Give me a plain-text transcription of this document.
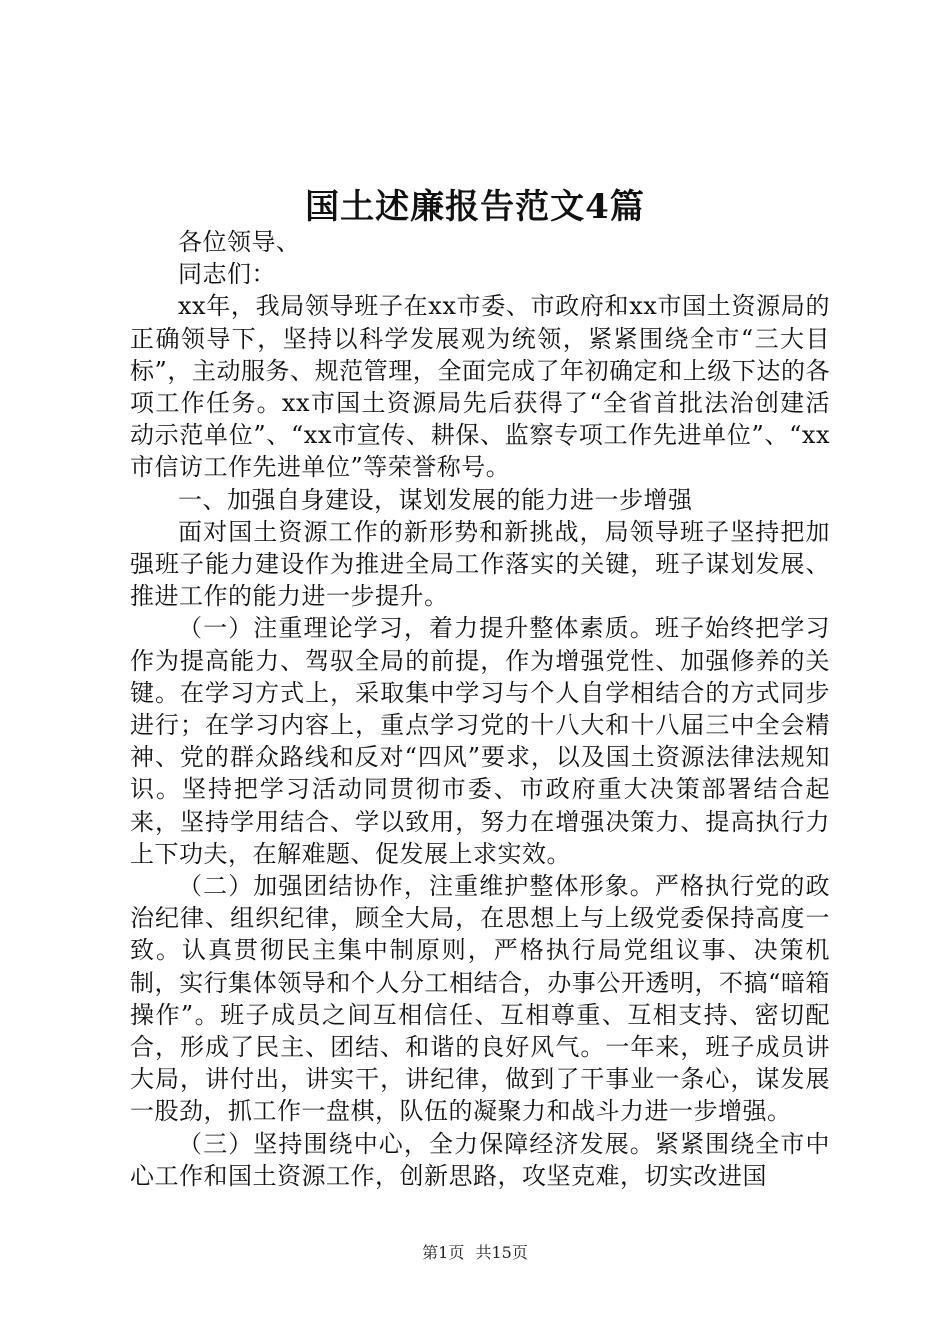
国土述廉报告范文4篇

各位领导、

同志们：

xx年，我局领导班子在xx市委、市政府和xx市国土资源局的正确领导下，坚持以科学发展观为统领，紧紧围绕全市“三大目标”，主动服务、规范管理，全面完成了年初确定和上级下达的各项工作任务。xx市国土资源局先后获得了“全省首批法治创建活动示范单位”、“xx市宣传、耕保、监察专项工作先进单位”、“xx市信访工作先进单位”等荣誉称号。

一、加强自身建设，谋划发展的能力进一步增强

面对国土资源工作的新形势和新挑战，局领导班子坚持把加强班子能力建设作为推进全局工作落实的关键，班子谋划发展、推进工作的能力进一步提升。

（一）注重理论学习，着力提升整体素质。班子始终把学习作为提高能力、驾驭全局的前提，作为增强党性、加强修养的关键。在学习方式上，采取集中学习与个人自学相结合的方式同步进行；在学习内容上，重点学习党的十八大和十八届三中全会精神、党的群众路线和反对“四风”要求，以及国土资源法律法规知识。坚持把学习活动同贯彻市委、市政府重大决策部署结合起来，坚持学用结合、学以致用，努力在增强决策力、提高执行力上下功夫，在解难题、促发展上求实效。

（二）加强团结协作，注重维护整体形象。严格执行党的政治纪律、组织纪律，顾全大局，在思想上与上级党委保持高度一致。认真贯彻民主集中制原则，严格执行局党组议事、决策机制，实行集体领导和个人分工相结合，办事公开透明，不搞“暗箱操作”。班子成员之间互相信任、互相尊重、互相支持、密切配合，形成了民主、团结、和谐的良好风气。一年来，班子成员讲大局，讲付出，讲实干，讲纪律，做到了干事业一条心，谋发展一股劲，抓工作一盘棋，队伍的凝聚力和战斗力进一步增强。

（三）坚持围绕中心，全力保障经济发展。紧紧围绕全市中心工作和国土资源工作，创新思路，攻坚克难，切实改进国

第1页 共15页
